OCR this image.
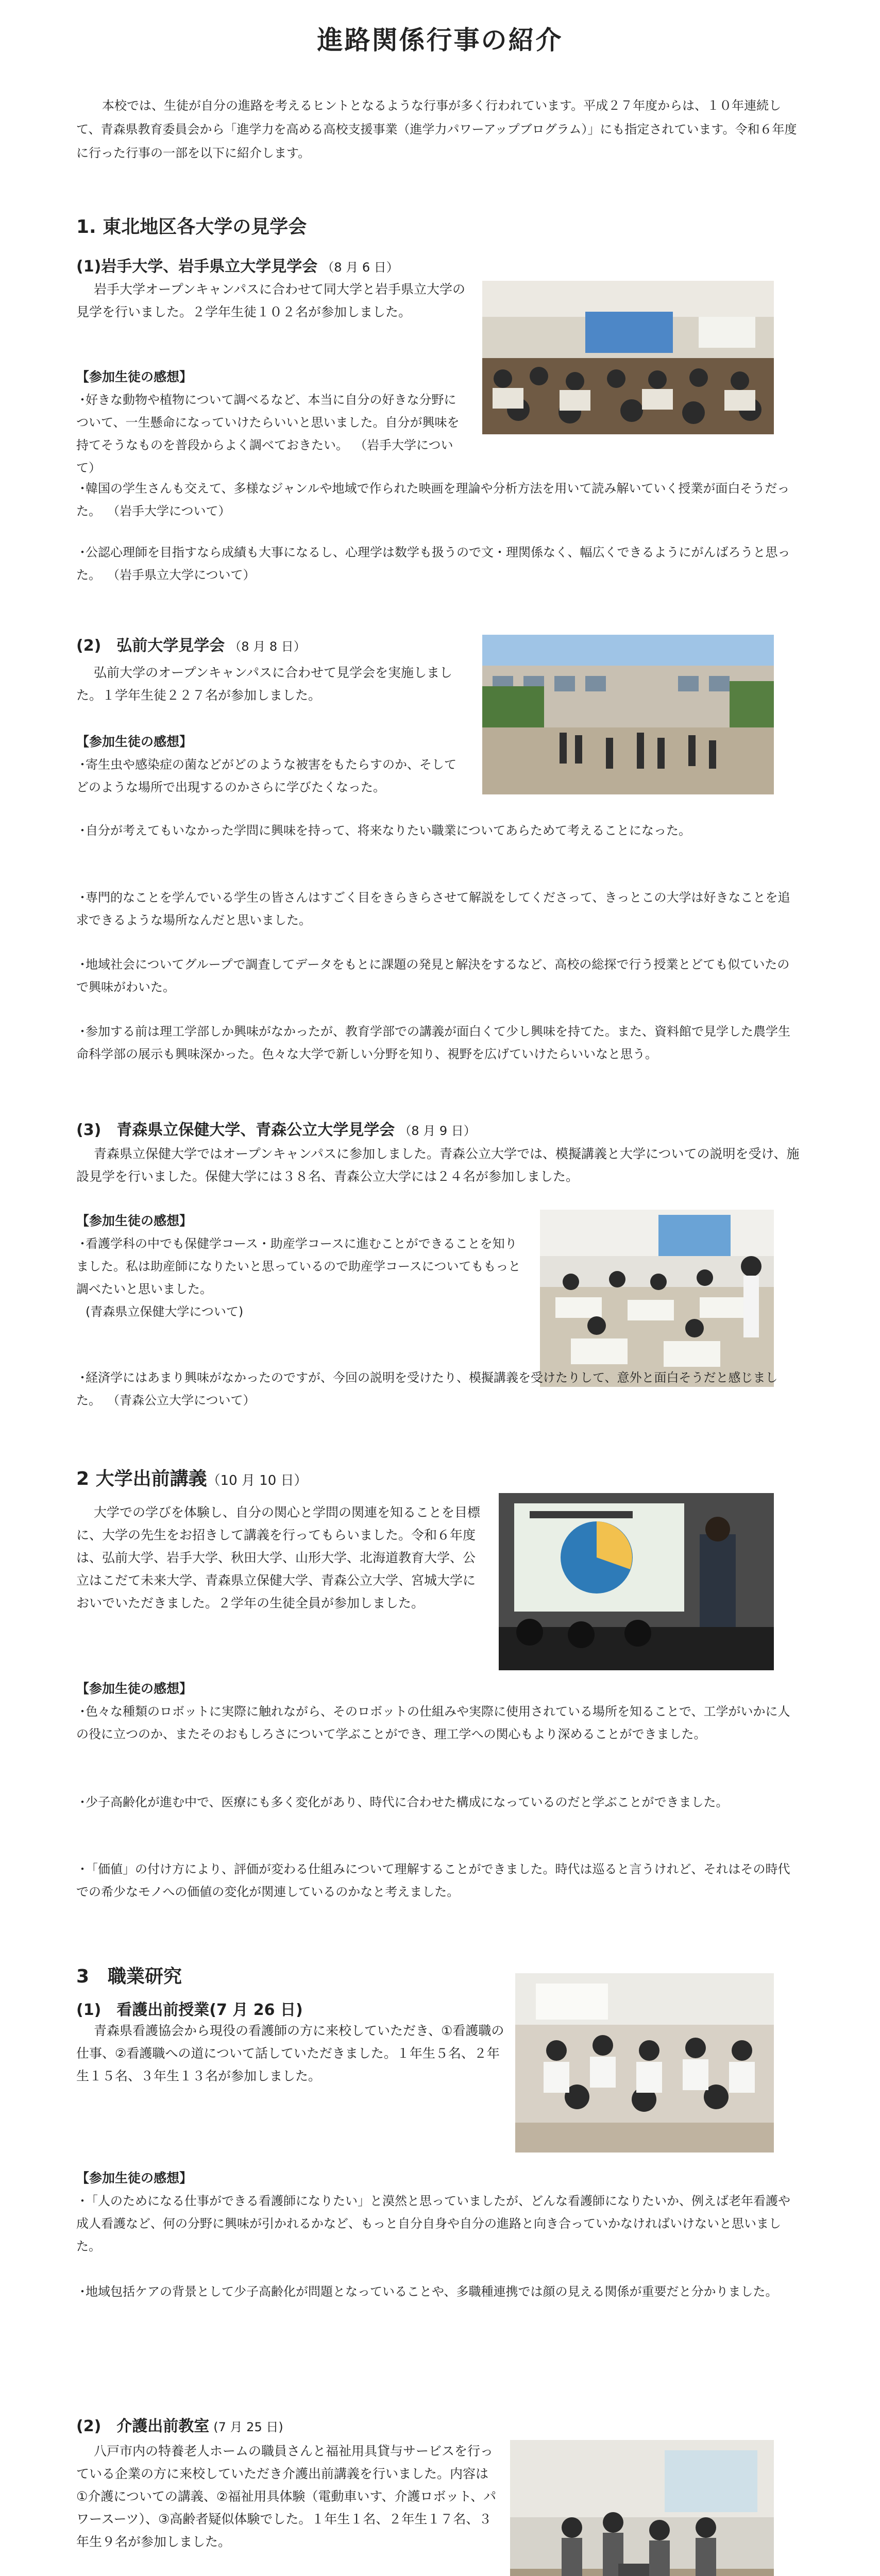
進路関係行事の紹介

本校では、生徒が自分の進路を考えるヒントとなるような行事が多く行われています。平成２７年度からは、１０年連続して、青森県教育委員会から「進学力を高める高校支援事業（進学力パワーアップブログラム）」にも指定されています。令和６年度に行った行事の一部を以下に紹介します。

1. 東北地区各大学の見学会
(1)岩手大学、岩手県立大学見学会 （8 月 6 日）

岩手大学オープンキャンパスに合わせて同大学と岩手県立大学の見学を行いました。２学年生徒１０２名が参加しました。

【参加生徒の感想】

・好きな動物や植物について調べるなど、本当に自分の好きな分野について、一生懸命になっていけたらいいと思いました。自分が興味を持てそうなものを普段からよく調べておきたい。 （岩手大学について）

・韓国の学生さんも交えて、多様なジャンルや地域で作られた映画を理論や分析方法を用いて読み解いていく授業が面白そうだった。 （岩手大学について）

・公認心理師を目指すなら成績も大事になるし、心理学は数学も扱うので文・理関係なく、幅広くできるようにがんばろうと思った。 （岩手県立大学について）

(2)　弘前大学見学会 （8 月 8 日）

弘前大学のオープンキャンパスに合わせて見学会を実施しました。１学年生徒２２７名が参加しました。

【参加生徒の感想】

・寄生虫や感染症の菌などがどのような被害をもたらすのか、そしてどのような場所で出現するのかさらに学びたくなった。

・自分が考えてもいなかった学問に興味を持って、将来なりたい職業についてあらためて考えることになった。

・専門的なことを学んでいる学生の皆さんはすごく目をきらきらさせて解説をしてくださって、きっとこの大学は好きなことを追求できるような場所なんだと思いました。

・地域社会についてグループで調査してデータをもとに課題の発見と解決をするなど、高校の総探で行う授業とどても似ていたので興味がわいた。

・参加する前は理工学部しか興味がなかったが、教育学部での講義が面白くて少し興味を持てた。また、資料館で見学した農学生命科学部の展示も興味深かった。色々な大学で新しい分野を知り、視野を広げていけたらいいなと思う。

(3)　青森県立保健大学、青森公立大学見学会 （8 月 9 日）

青森県立保健大学ではオープンキャンパスに参加しました。青森公立大学では、模擬講義と大学についての説明を受け、施設見学を行いました。保健大学には３８名、青森公立大学には２４名が参加しました。

【参加生徒の感想】

・看護学科の中でも保健学コース・助産学コースに進むことができることを知りました。私は助産師になりたいと思っているので助産学コースについてももっと調べたいと思いました。
(青森県立保健大学について)

・経済学にはあまり興味がなかったのですが、今回の説明を受けたり、模擬講義を受けたりして、意外と面白そうだと感じました。 （青森公立大学について）

2 大学出前講義（10 月 10 日）

大学での学びを体験し、自分の関心と学問の関連を知ることを目標に、大学の先生をお招きして講義を行ってもらいました。令和６年度は、弘前大学、岩手大学、秋田大学、山形大学、北海道教育大学、公立はこだて未来大学、青森県立保健大学、青森公立大学、宮城大学においでいただきました。２学年の生徒全員が参加しました。

【参加生徒の感想】

・色々な種類のロボットに実際に触れながら、そのロボットの仕組みや実際に使用されている場所を知ることで、工学がいかに人の役に立つのか、またそのおもしろさについて学ぶことができ、理工学への関心もより深めることができました。

・少子高齢化が進む中で、医療にも多く変化があり、時代に合わせた構成になっているのだと学ぶことができました。

・「価値」の付け方により、評価が変わる仕組みについて理解することができました。時代は巡ると言うけれど、それはその時代での希少なモノへの価値の変化が関連しているのかなと考えました。

3　職業研究
(1)　看護出前授業(7 月 26 日)

青森県看護協会から現役の看護師の方に来校していただき、①看護職の仕事、②看護職への道について話していただきました。１年生５名、２年生１５名、３年生１３名が参加しました。

【参加生徒の感想】

・「人のためになる仕事ができる看護師になりたい」と漠然と思っていましたが、どんな看護師になりたいか、例えば老年看護や成人看護など、何の分野に興味が引かれるかなど、もっと自分自身や自分の進路と向き合っていかなければいけないと思いました。

・地域包括ケアの背景として少子高齢化が問題となっていることや、多職種連携では顔の見える関係が重要だと分かりました。

(2)　介護出前教室 (7 月 25 日)

八戸市内の特養老人ホームの職員さんと福祉用具貸与サービスを行っている企業の方に来校していただき介護出前講義を行いました。内容は①介護についての講義、②福祉用具体験（電動車いす、介護ロボット、パワースーツ）、③高齢者疑似体験でした。１年生１名、２年生１７名、３年生９名が参加しました。
